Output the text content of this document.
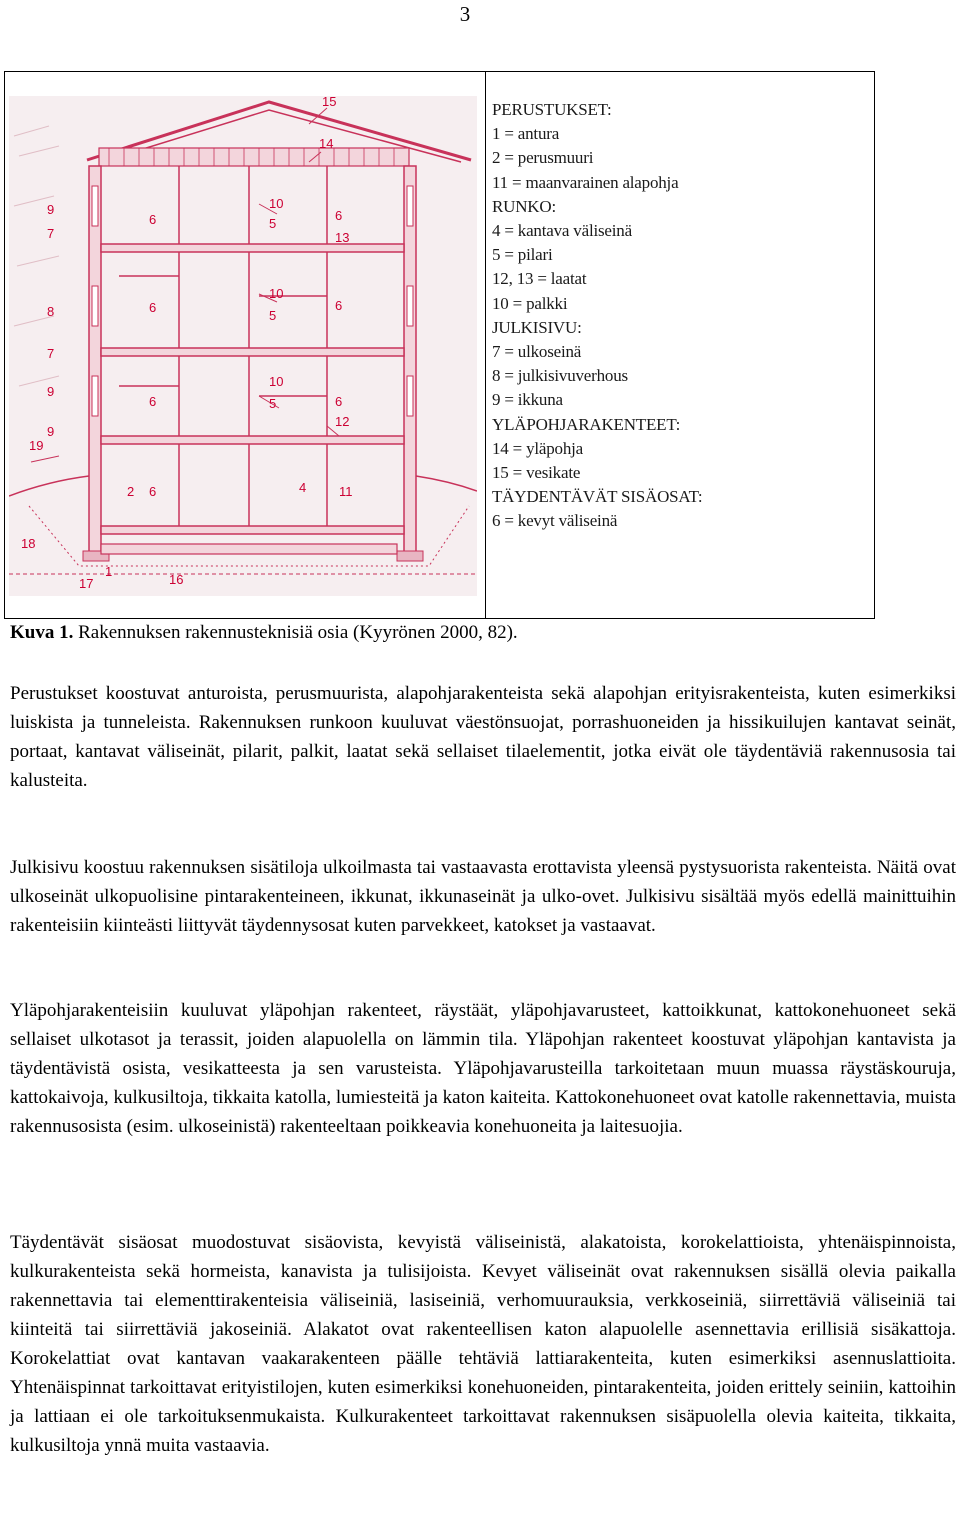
3
15
14
9
7
6
10
5
6
13
8	6
10
5
6
7
9
6
10
5	6
12
19
2 6	4	11
18
1
17	16
9
PERUSTUKSET:
1 = antura
2 = perusmuuri
11 = maanvarainen alapohja
RUNKO:
4 = kantava väliseinä
5 = pilari
12, 13 = laatat
10 = palkki
JULKISIVU:
7 = ulkoseinä
8 = julkisivuverhous
9 = ikkuna
YLÄPOHJARAKENTEET:
14 = yläpohja
15 = vesikate
TÄYDENTÄVÄT SISÄOSAT:
6 = kevyt väliseinä
Kuva 1. Rakennuksen rakennusteknisiä osia (Kyyrönen 2000, 82).

Perustukset koostuvat anturoista, perusmuurista, alapohjarakenteista sekä alapohjan erityisrakenteista, kuten esimerkiksi luiskista ja tunneleista. Rakennuksen runkoon kuuluvat väestönsuojat, porrashuoneiden ja hissikuilujen kantavat seinät, portaat, kantavat väliseinät, pilarit, palkit, laatat sekä sellaiset tilaelementit, jotka eivät ole täydentäviä rakennusosia tai kalusteita.

Julkisivu koostuu rakennuksen sisätiloja ulkoilmasta tai vastaavasta erottavista yleensä pystysuorista rakenteista. Näitä ovat ulkoseinät ulkopuolisine pintarakenteineen, ikkunat, ikkunaseinät ja ulko-ovet. Julkisivu sisältää myös edellä mainittuihin rakenteisiin kiinteästi liittyvät täydennysosat kuten parvekkeet, katokset ja vastaavat.

Yläpohjarakenteisiin kuuluvat yläpohjan rakenteet, räystäät, yläpohjavarusteet, kattoikkunat, kattokonehuoneet sekä sellaiset ulkotasot ja terassit, joiden alapuolella on lämmin tila. Yläpohjan rakenteet koostuvat yläpohjan kantavista ja täydentävistä osista, vesikatteesta ja sen varusteista. Yläpohjavarusteilla tarkoitetaan muun muassa räystäskouruja, kattokaivoja, kulkusiltoja, tikkaita katolla, lumiesteitä ja katon kaiteita. Kattokonehuoneet ovat katolle rakennettavia, muista rakennusosista (esim. ulkoseinistä) rakenteeltaan poikkeavia konehuoneita ja laitesuojia.

Täydentävät sisäosat muodostuvat sisäovista, kevyistä väliseinistä, alakatoista, korokelattioista, yhtenäispinnoista, kulkurakenteista sekä hormeista, kanavista ja tulisijoista. Kevyet väliseinät ovat rakennuksen sisällä olevia paikalla rakennettavia tai elementtirakenteisia väliseiniä, lasiseiniä, verhomuurauksia, verkkoseiniä, siirrettäviä väliseiniä tai kiinteitä tai siirrettäviä jakoseiniä. Alakatot ovat rakenteellisen katon alapuolelle asennettavia erillisiä sisäkattoja. Korokelattiat ovat kantavan vaakarakenteen päälle tehtäviä lattiarakenteita, kuten esimerkiksi asennuslattioita. Yhtenäispinnat tarkoittavat erityistilojen, kuten esimerkiksi konehuoneiden, pintarakenteita, joiden erittely seiniin, kattoihin ja lattiaan ei ole tarkoituksenmukaista. Kulkurakenteet tarkoittavat rakennuksen sisäpuolella olevia kaiteita, tikkaita, kulkusiltoja ynnä muita vastaavia.
